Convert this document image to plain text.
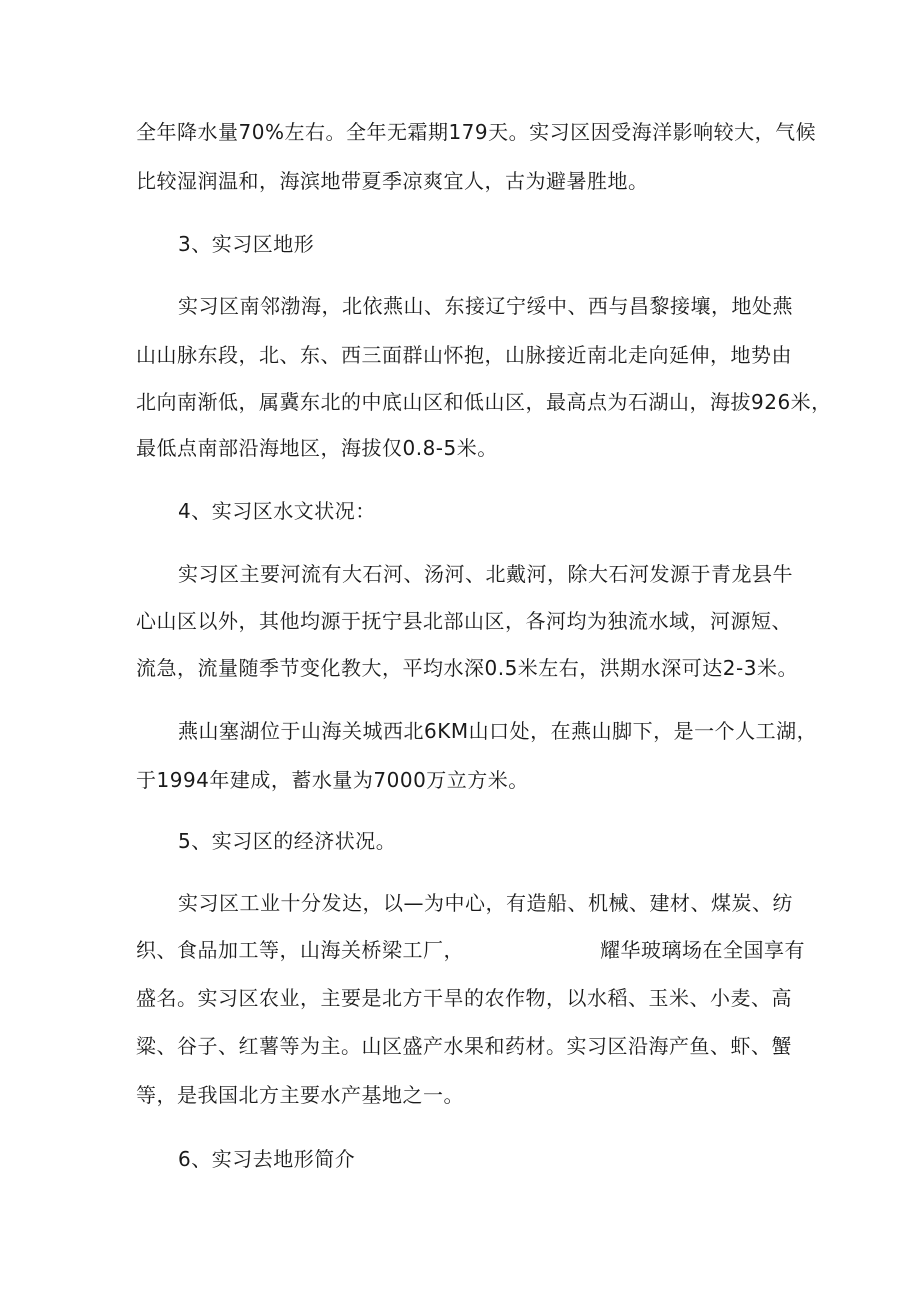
全年降水量70%左右。全年无霜期179天。实习区因受海洋影响较大，气候
比较湿润温和，海滨地带夏季凉爽宜人，古为避暑胜地。
3、实习区地形
实习区南邻渤海，北依燕山、东接辽宁绥中、西与昌黎接壤，地处燕
山山脉东段，北、东、西三面群山怀抱，山脉接近南北走向延伸，地势由
北向南渐低，属冀东北的中底山区和低山区，最高点为石湖山，海拔926米，
最低点南部沿海地区，海拔仅0.8-5米。
4、实习区水文状况：
实习区主要河流有大石河、汤河、北戴河，除大石河发源于青龙县牛
心山区以外，其他均源于抚宁县北部山区，各河均为独流水域，河源短、
流急，流量随季节变化教大，平均水深0.5米左右，洪期水深可达2-3米。
燕山塞湖位于山海关城西北6KM山口处，在燕山脚下，是一个人工湖，
于1994年建成，蓄水量为7000万立方米。
5、实习区的经济状况。
实习区工业十分发达，以—为中心，有造船、机械、建材、煤炭、纺
织、食品加工等，山海关桥梁工厂，	耀华玻璃场在全国享有
盛名。实习区农业，主要是北方干旱的农作物，以水稻、玉米、小麦、高
粱、谷子、红薯等为主。山区盛产水果和药材。实习区沿海产鱼、虾、蟹
等，是我国北方主要水产基地之一。
6、实习去地形简介
